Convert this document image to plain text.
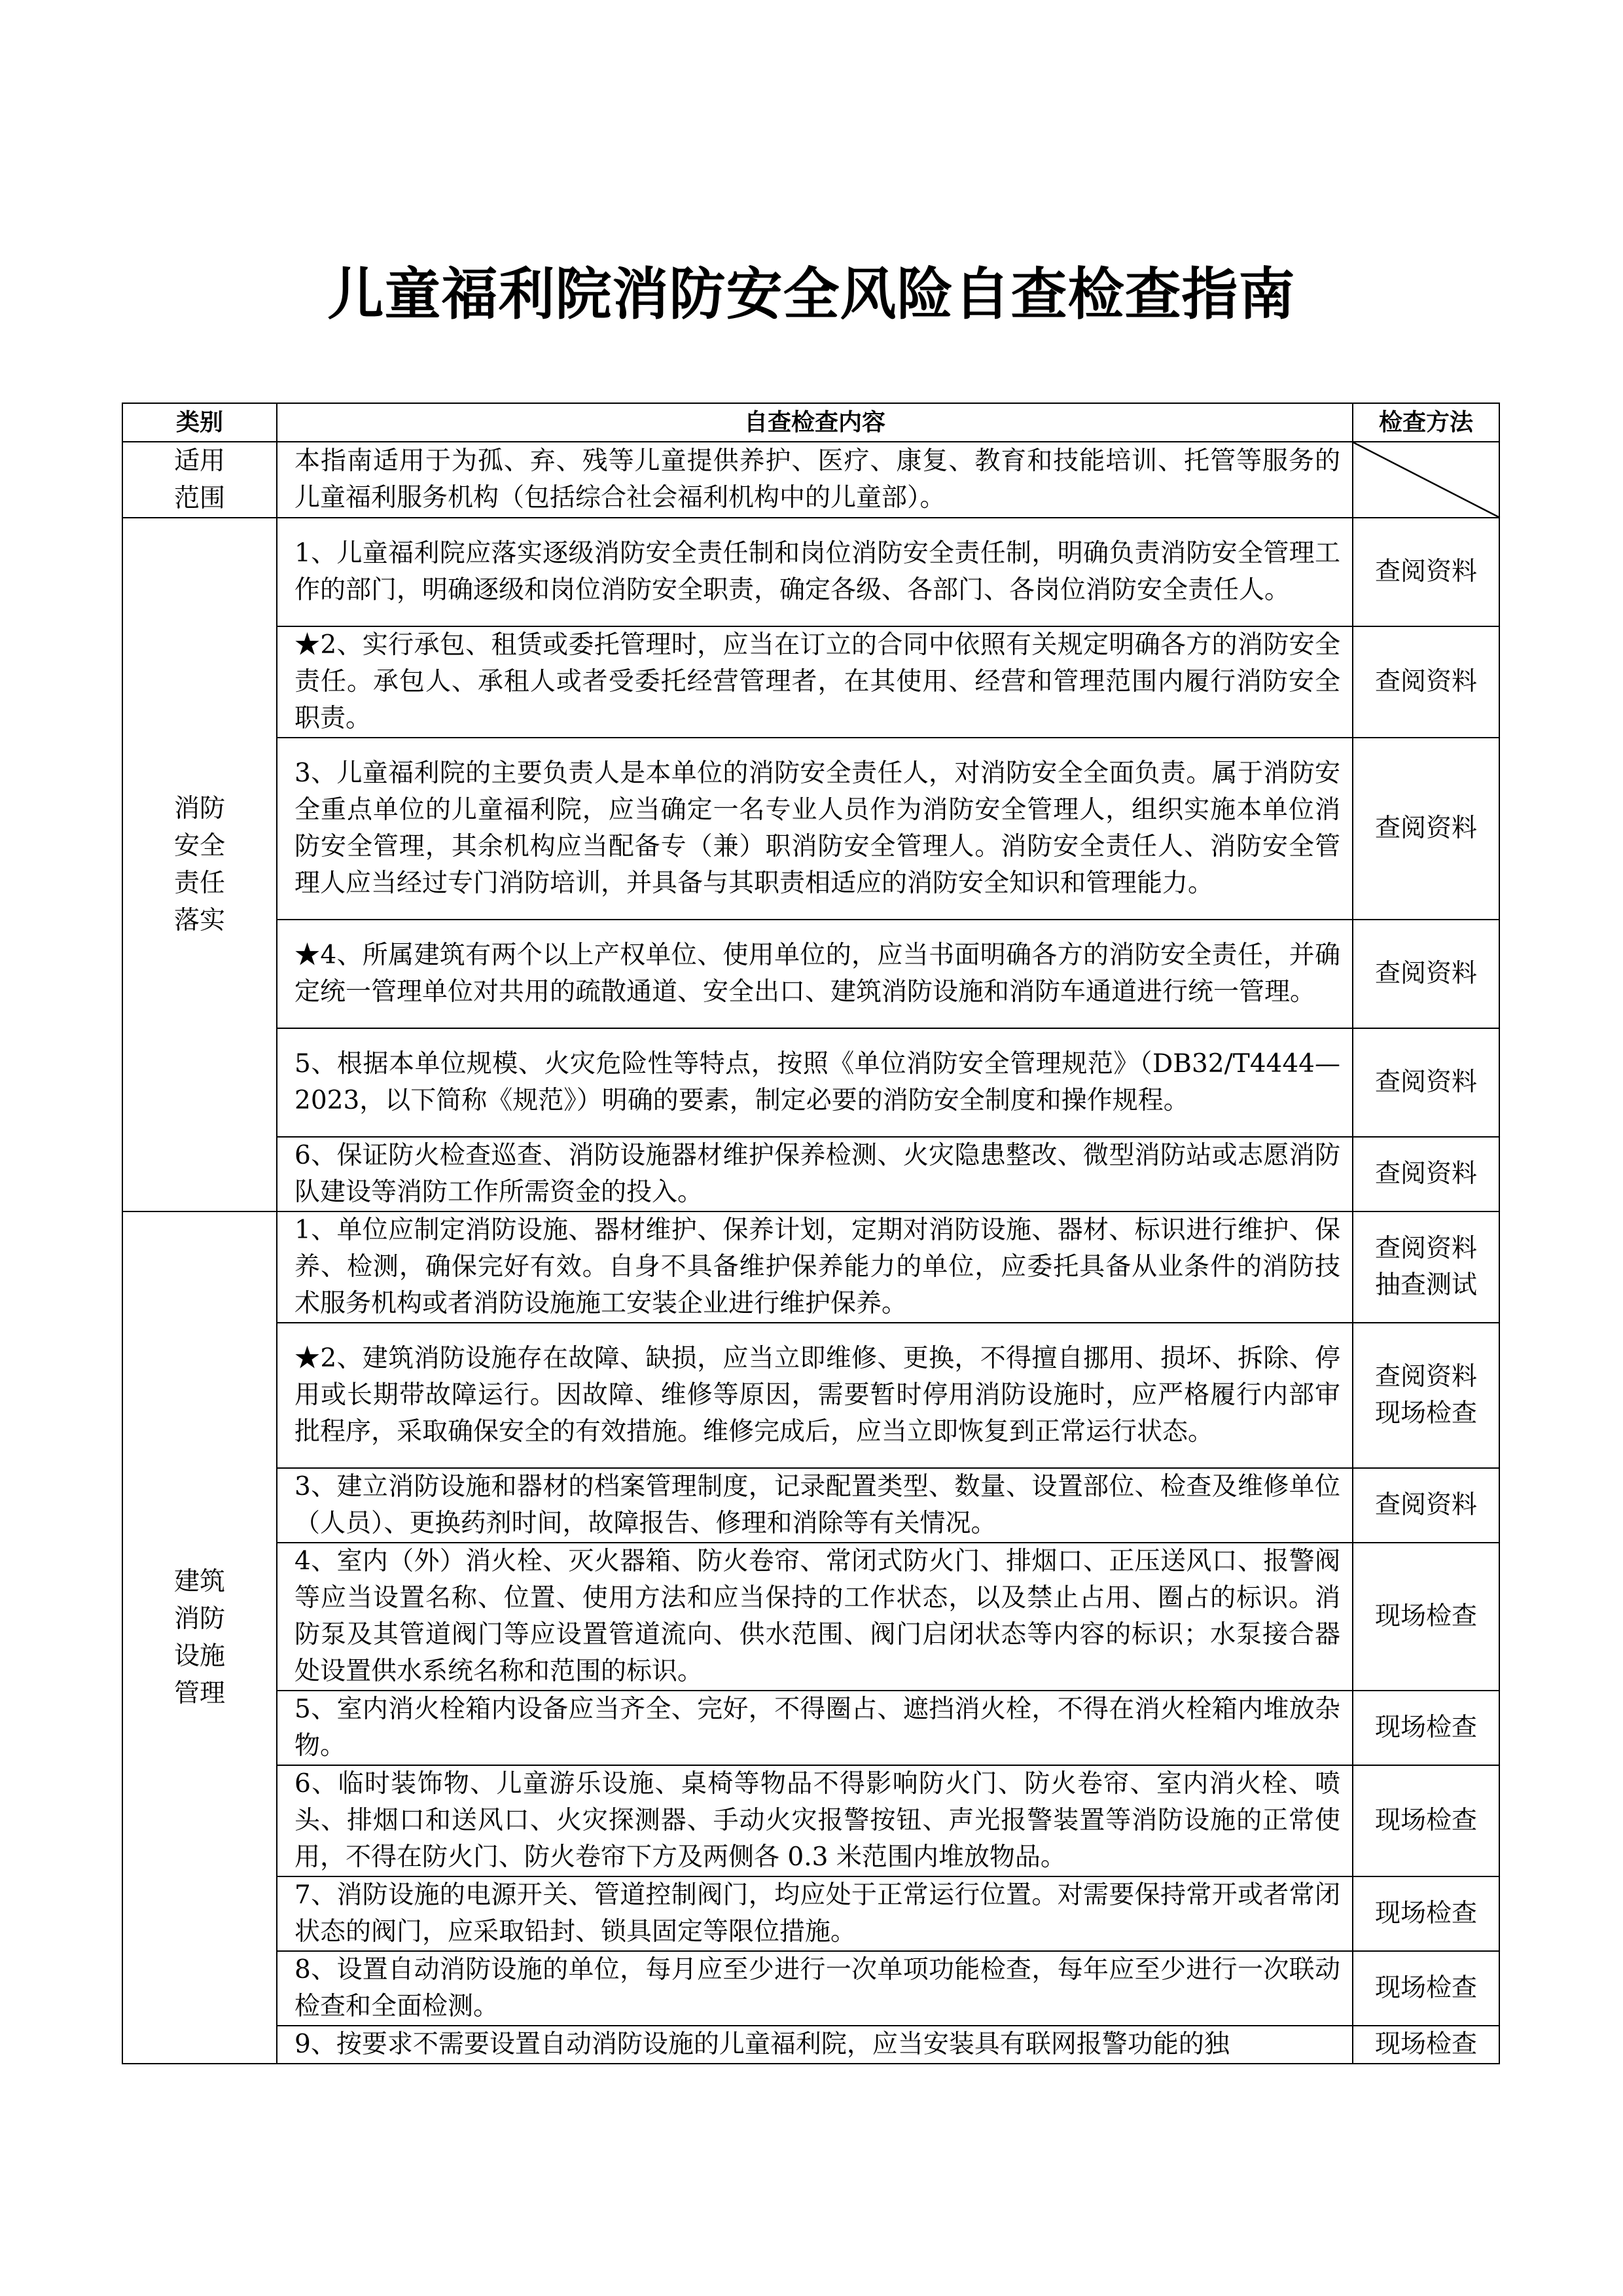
儿童福利院消防安全风险自查检查指南
类别	自查检查内容	检查方法
适用范围	本指南适用于为孤、弃、残等儿童提供养护、医疗、康复、教育和技能培训、托管等服务的儿童福利服务机构（包括综合社会福利机构中的儿童部）。	
消防安全责任落实	1、儿童福利院应落实逐级消防安全责任制和岗位消防安全责任制，明确负责消防安全管理工作的部门，明确逐级和岗位消防安全职责，确定各级、各部门、各岗位消防安全责任人。	查阅资料
	★2、实行承包、租赁或委托管理时，应当在订立的合同中依照有关规定明确各方的消防安全责任。承包人、承租人或者受委托经营管理者，在其使用、经营和管理范围内履行消防安全职责。	查阅资料
	3、儿童福利院的主要负责人是本单位的消防安全责任人，对消防安全全面负责。属于消防安全重点单位的儿童福利院，应当确定一名专业人员作为消防安全管理人，组织实施本单位消防安全管理，其余机构应当配备专（兼）职消防安全管理人。消防安全责任人、消防安全管理人应当经过专门消防培训，并具备与其职责相适应的消防安全知识和管理能力。	查阅资料
	★4、所属建筑有两个以上产权单位、使用单位的，应当书面明确各方的消防安全责任，并确定统一管理单位对共用的疏散通道、安全出口、建筑消防设施和消防车通道进行统一管理。	查阅资料
	5、根据本单位规模、火灾危险性等特点，按照《单位消防安全管理规范》（DB32/T4444—2023，以下简称《规范》）明确的要素，制定必要的消防安全制度和操作规程。	查阅资料
	6、保证防火检查巡查、消防设施器材维护保养检测、火灾隐患整改、微型消防站或志愿消防队建设等消防工作所需资金的投入。	查阅资料
建筑消防设施管理	1、单位应制定消防设施、器材维护、保养计划，定期对消防设施、器材、标识进行维护、保养、检测，确保完好有效。自身不具备维护保养能力的单位，应委托具备从业条件的消防技术服务机构或者消防设施施工安装企业进行维护保养。	查阅资料
抽查测试
	★2、建筑消防设施存在故障、缺损，应当立即维修、更换，不得擅自挪用、损坏、拆除、停用或长期带故障运行。因故障、维修等原因，需要暂时停用消防设施时，应严格履行内部审批程序，采取确保安全的有效措施。维修完成后，应当立即恢复到正常运行状态。	查阅资料
现场检查
	3、建立消防设施和器材的档案管理制度，记录配置类型、数量、设置部位、检查及维修单位（人员）、更换药剂时间，故障报告、修理和消除等有关情况。	查阅资料
	4、室内（外）消火栓、灭火器箱、防火卷帘、常闭式防火门、排烟口、正压送风口、报警阀等应当设置名称、位置、使用方法和应当保持的工作状态，以及禁止占用、圈占的标识。消防泵及其管道阀门等应设置管道流向、供水范围、阀门启闭状态等内容的标识；水泵接合器处设置供水系统名称和范围的标识。	现场检查
	5、室内消火栓箱内设备应当齐全、完好，不得圈占、遮挡消火栓，不得在消火栓箱内堆放杂物。	现场检查
	6、临时装饰物、儿童游乐设施、桌椅等物品不得影响防火门、防火卷帘、室内消火栓、喷头、排烟口和送风口、火灾探测器、手动火灾报警按钮、声光报警装置等消防设施的正常使用，不得在防火门、防火卷帘下方及两侧各 0.3 米范围内堆放物品。	现场检查
	7、消防设施的电源开关、管道控制阀门，均应处于正常运行位置。对需要保持常开或者常闭状态的阀门，应采取铅封、锁具固定等限位措施。	现场检查
	8、设置自动消防设施的单位，每月应至少进行一次单项功能检查，每年应至少进行一次联动检查和全面检测。	现场检查
	9、按要求不需要设置自动消防设施的儿童福利院，应当安装具有联网报警功能的独	现场检查
